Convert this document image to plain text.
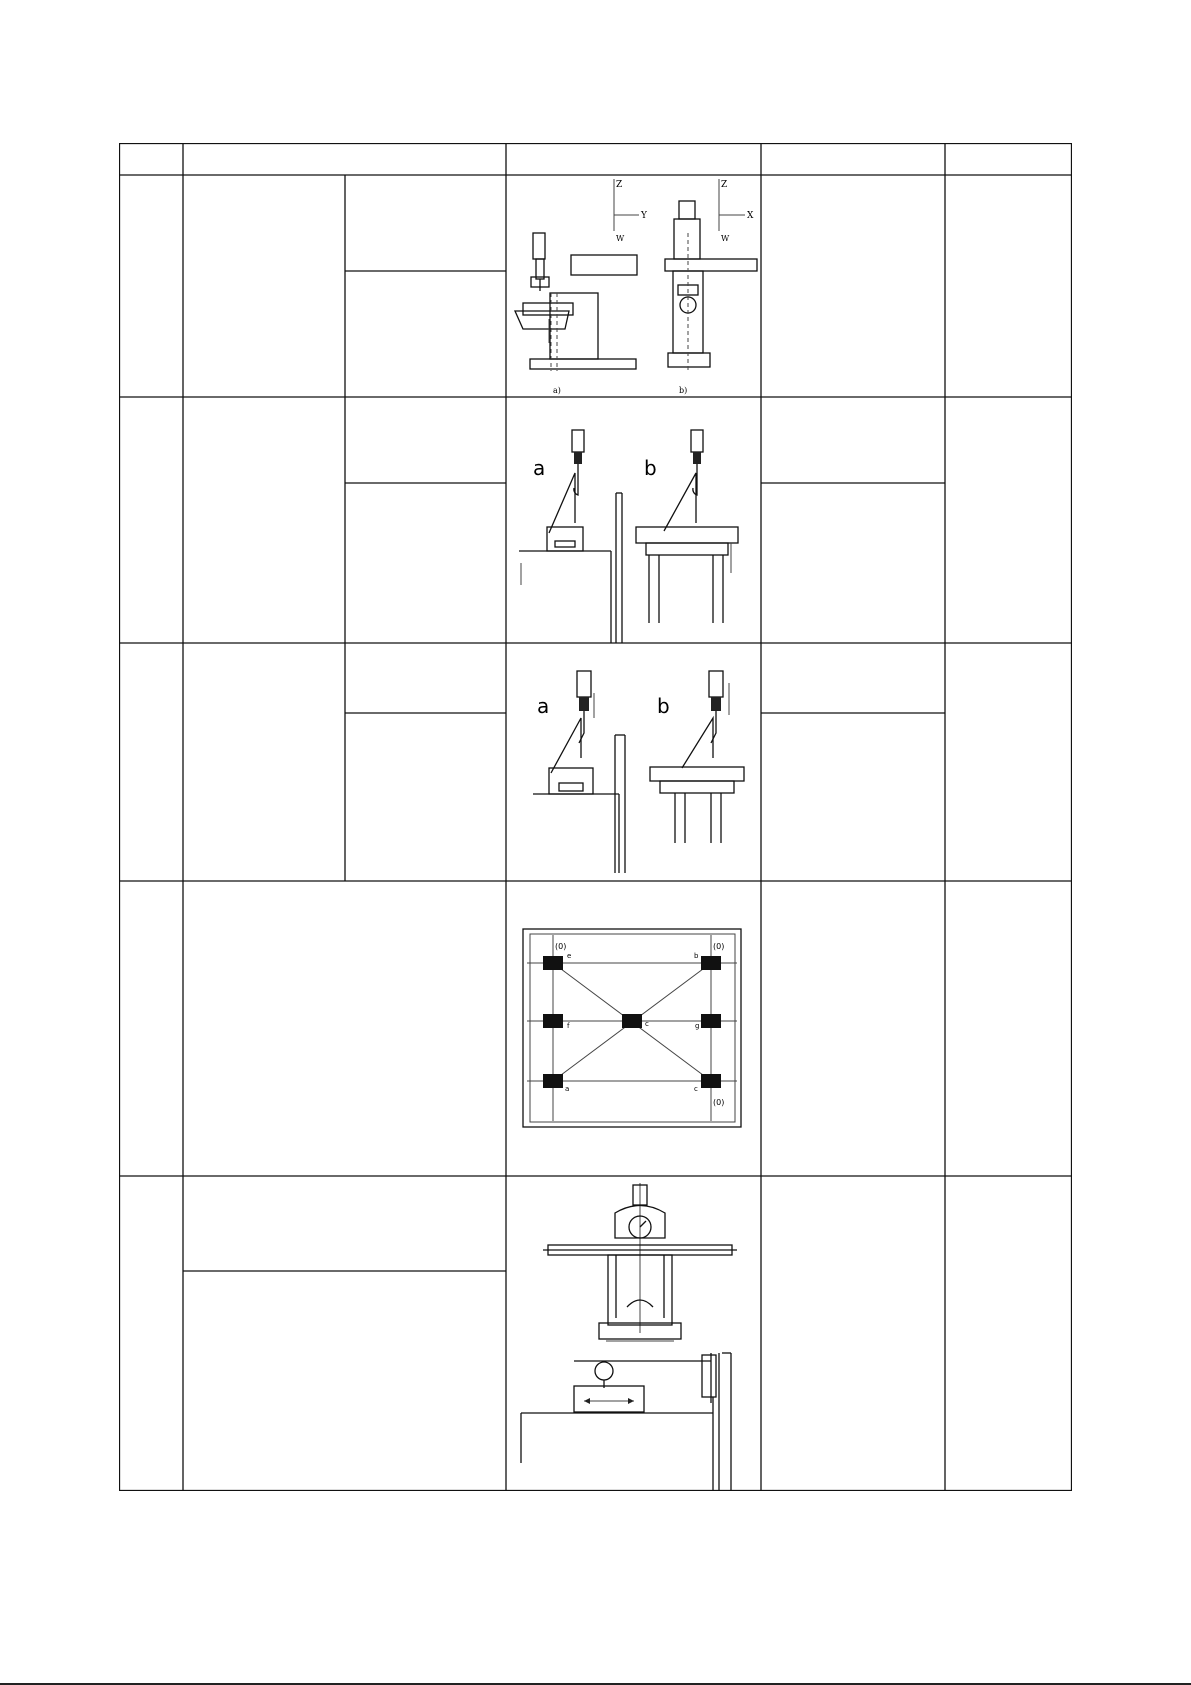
Z
Y
W
Z
X
W
a)	b)
a	b
a	b
(0)
e
(0)
b
f	c	g
a	c
(0)
